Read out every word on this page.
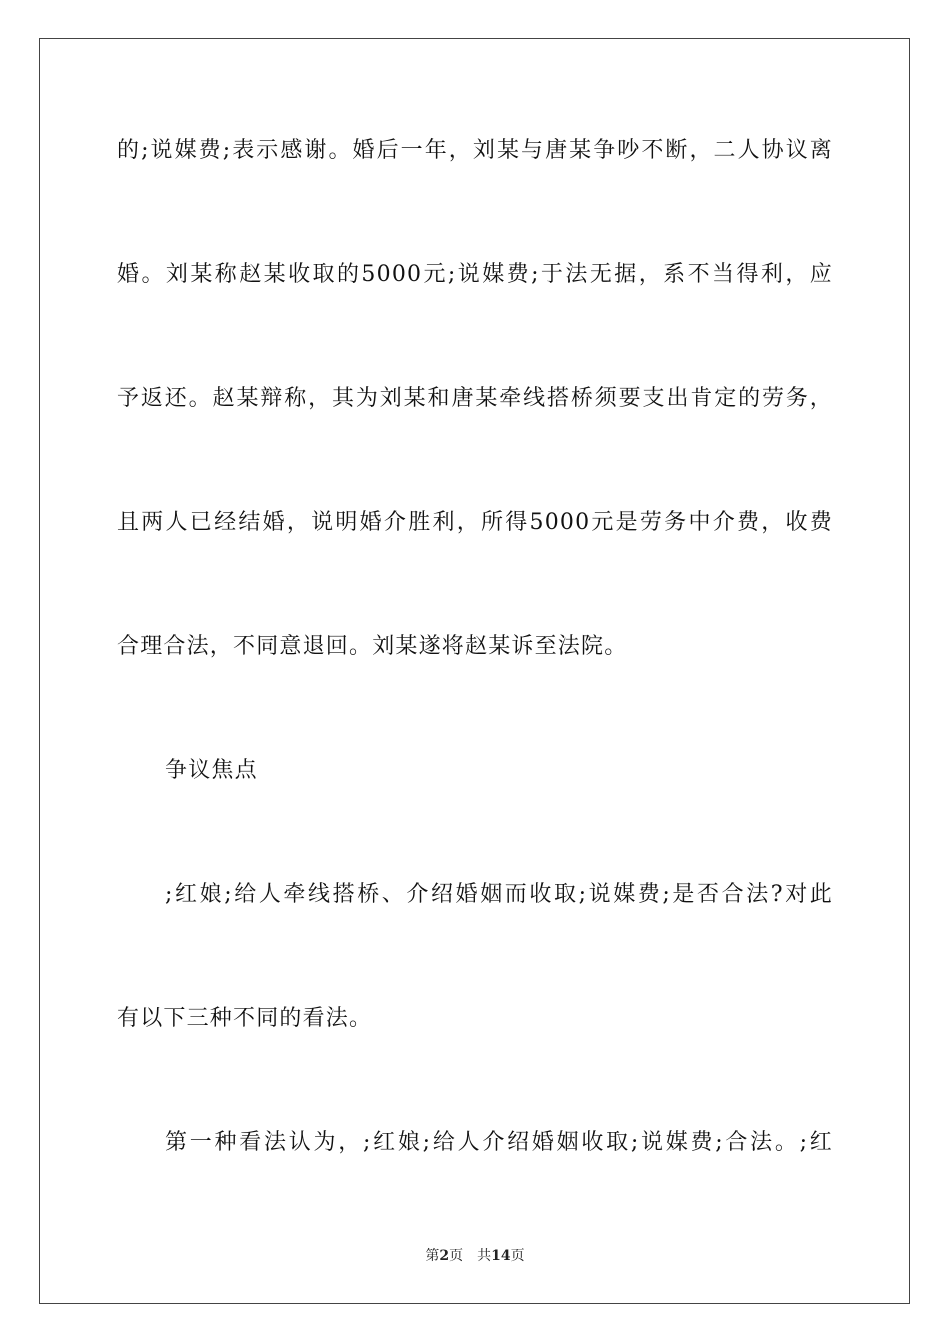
的;说媒费;表示感谢。婚后一年，刘某与唐某争吵不断，二人协议离
婚。刘某称赵某收取的5000元;说媒费;于法无据，系不当得利，应
予返还。赵某辩称，其为刘某和唐某牵线搭桥须要支出肯定的劳务，
且两人已经结婚，说明婚介胜利，所得5000元是劳务中介费，收费
合理合法，不同意退回。刘某遂将赵某诉至法院。
争议焦点
;红娘;给人牵线搭桥、介绍婚姻而收取;说媒费;是否合法?对此
有以下三种不同的看法。
第一种看法认为，;红娘;给人介绍婚姻收取;说媒费;合法。;红
第2页 共14页
